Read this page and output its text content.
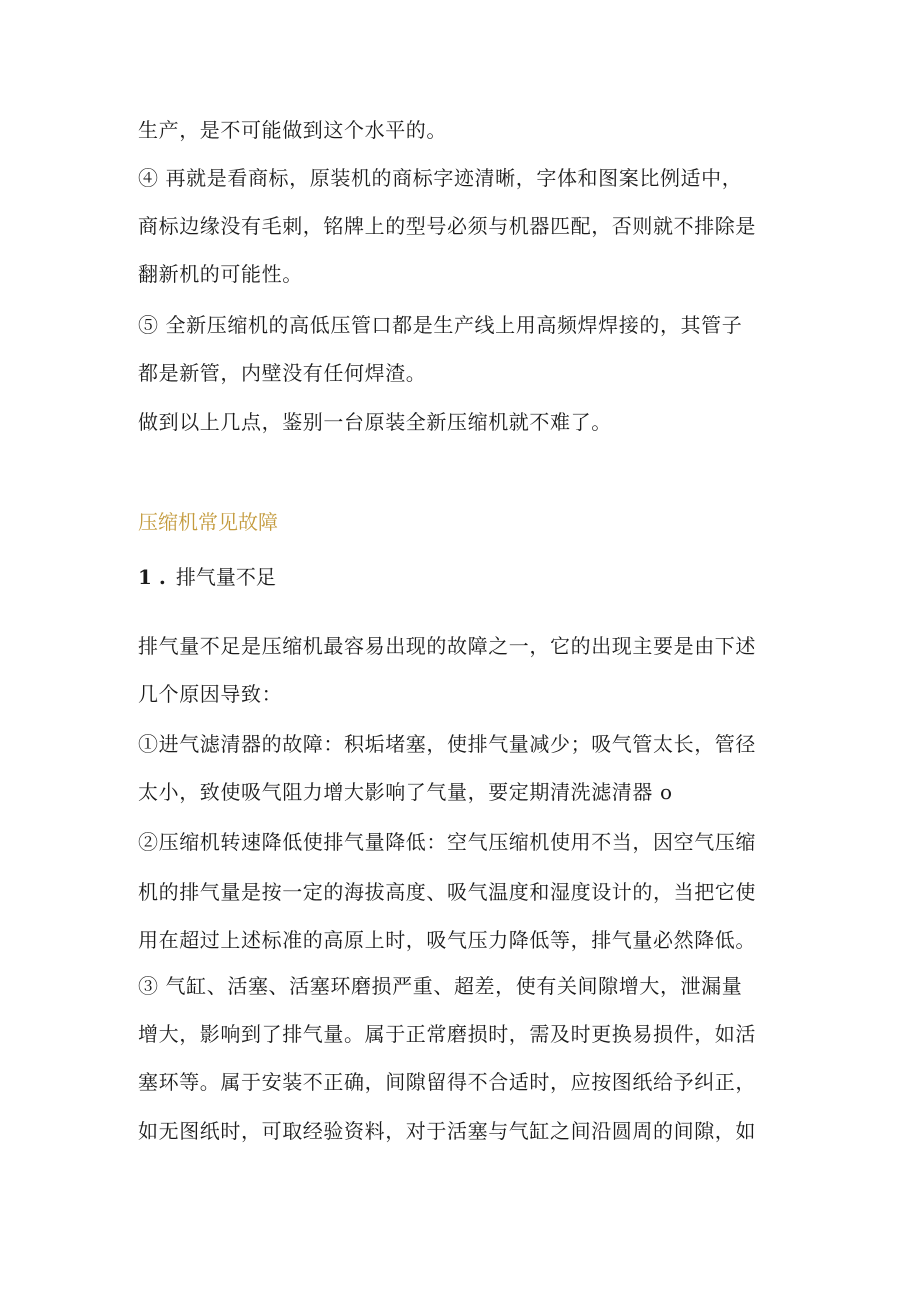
生产，是不可能做到这个水平的。
④ 再就是看商标，原装机的商标字迹清晰，字体和图案比例适中，
商标边缘没有毛刺，铭牌上的型号必须与机器匹配，否则就不排除是
翻新机的可能性。
⑤ 全新压缩机的高低压管口都是生产线上用高频焊焊接的，其管子
都是新管，内壁没有任何焊渣。
做到以上几点，鉴别一台原装全新压缩机就不难了。
压缩机常见故障
1 . 排气量不足
排气量不足是压缩机最容易出现的故障之一，它的出现主要是由下述
几个原因导致：
①进气滤清器的故障：积垢堵塞，使排气量减少；吸气管太长，管径
太小，致使吸气阻力增大影响了气量，要定期清洗滤清器 o
②压缩机转速降低使排气量降低：空气压缩机使用不当，因空气压缩
机的排气量是按一定的海拔高度、吸气温度和湿度设计的，当把它使
用在超过上述标准的高原上时，吸气压力降低等，排气量必然降低。
③ 气缸、活塞、活塞环磨损严重、超差，使有关间隙增大，泄漏量
增大，影响到了排气量。属于正常磨损时，需及时更换易损件，如活
塞环等。属于安装不正确，间隙留得不合适时，应按图纸给予纠正，
如无图纸时，可取经验资料，对于活塞与气缸之间沿圆周的间隙，如
